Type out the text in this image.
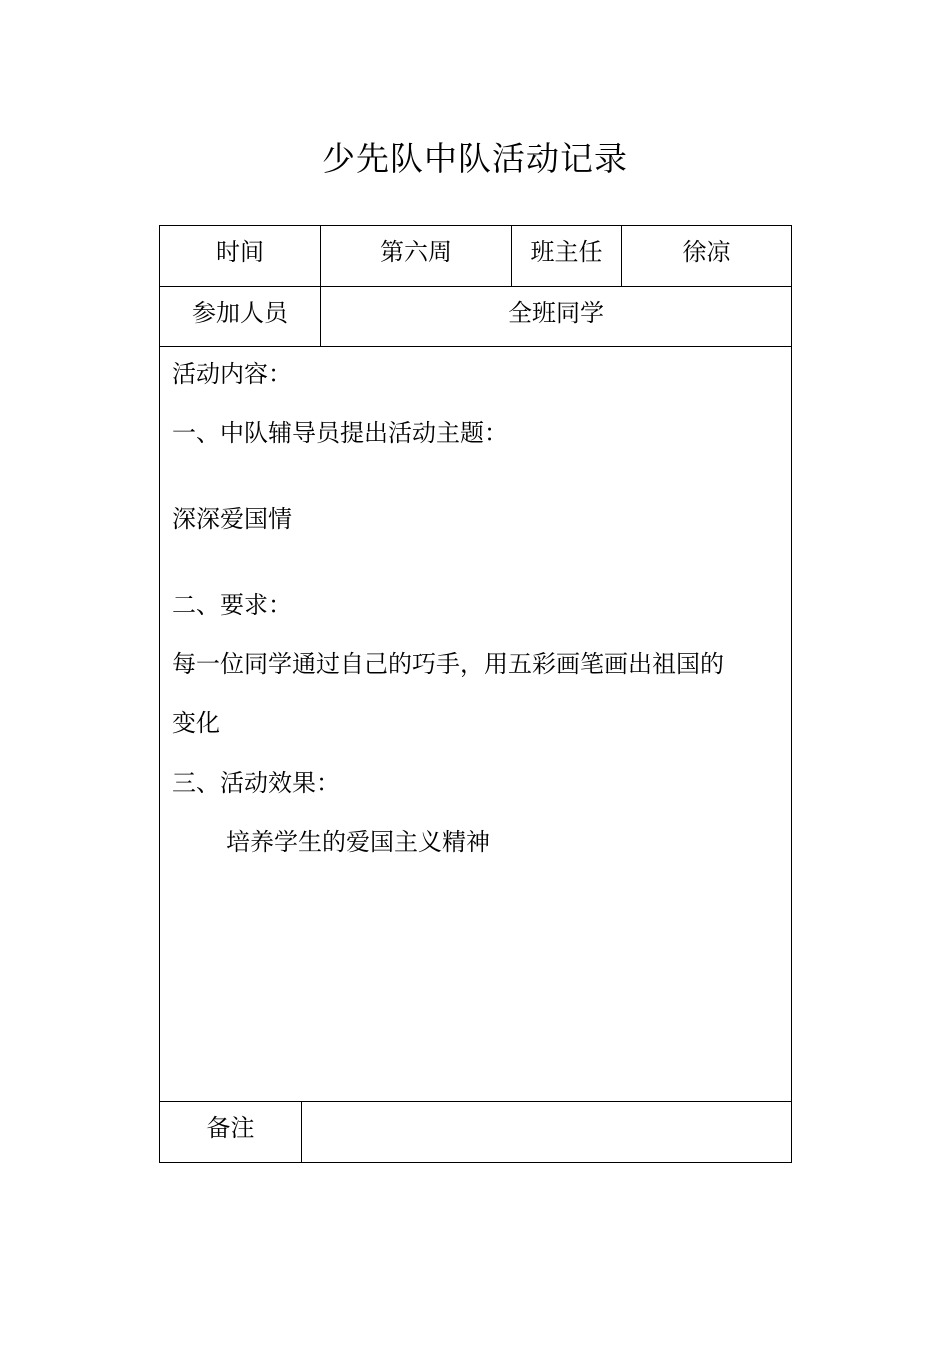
少先队中队活动记录
时间	第六周	班主任	徐凉
参加人员	全班同学
活动内容：
一、中队辅导员提出活动主题：
深深爱国情
二、要求：
每一位同学通过自己的巧手，用五彩画笔画出祖国的
变化
三、活动效果：
培养学生的爱国主义精神
备注
